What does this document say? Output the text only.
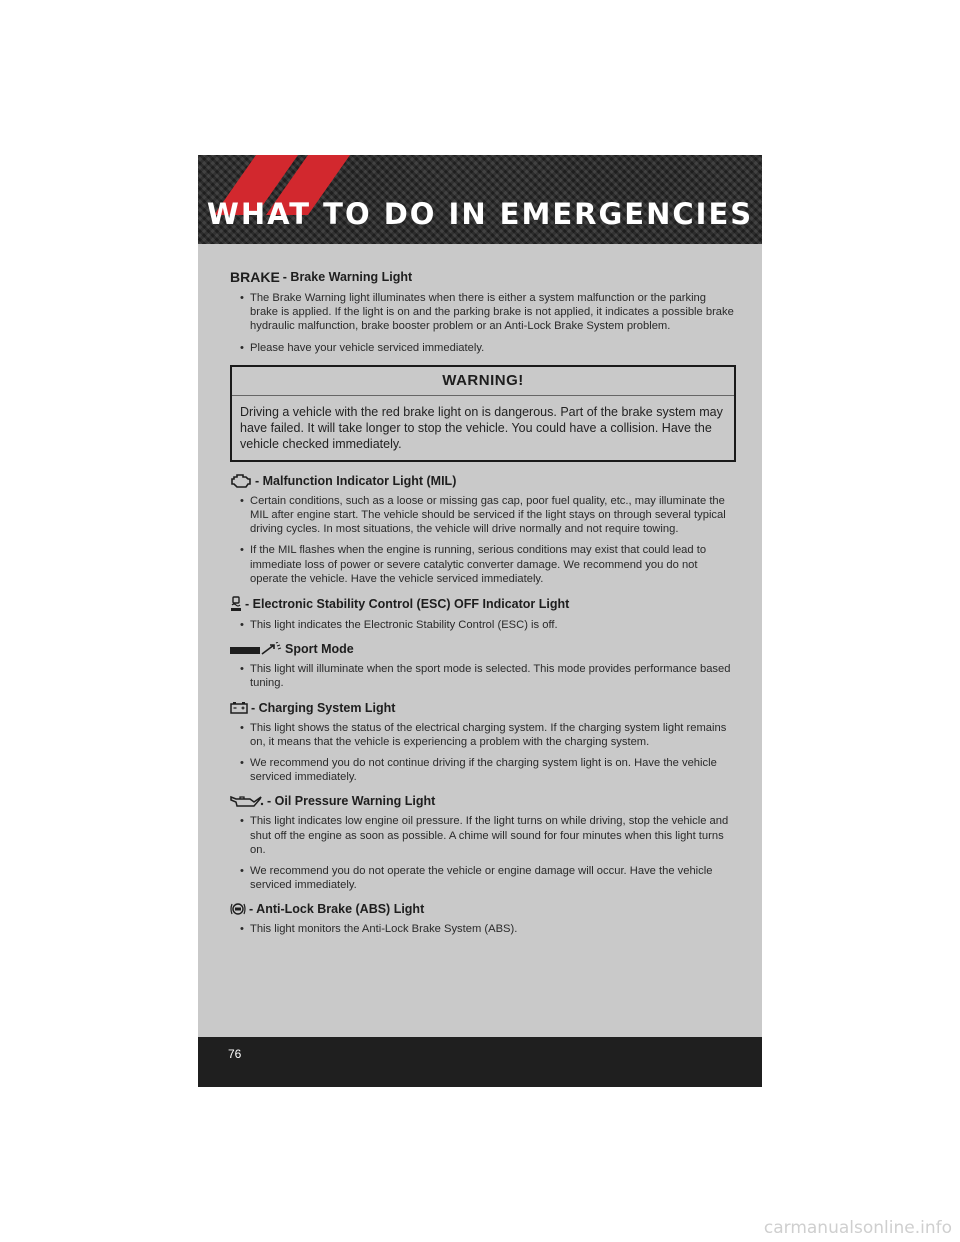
WHAT TO DO IN EMERGENCIES
BRAKE - Brake Warning Light
• The Brake Warning light illuminates when there is either a system malfunction or the parking brake is applied. If the light is on and the parking brake is not applied, it indicates a possible brake hydraulic malfunction, brake booster problem or an Anti-Lock Brake System problem.
• Please have your vehicle serviced immediately.
WARNING!
Driving a vehicle with the red brake light on is dangerous. Part of the brake system may have failed. It will take longer to stop the vehicle. You could have a collision. Have the vehicle checked immediately.
- Malfunction Indicator Light (MIL)
• Certain conditions, such as a loose or missing gas cap, poor fuel quality, etc., may illuminate the MIL after engine start. The vehicle should be serviced if the light stays on through several typical driving cycles. In most situations, the vehicle will drive normally and not require towing.
• If the MIL flashes when the engine is running, serious conditions may exist that could lead to immediate loss of power or severe catalytic converter damage. We recommend you do not operate the vehicle. Have the vehicle serviced immediately.
- Electronic Stability Control (ESC) OFF Indicator Light
• This light indicates the Electronic Stability Control (ESC) is off.
Sport Mode
• This light will illuminate when the sport mode is selected. This mode provides performance based tuning.
- Charging System Light
• This light shows the status of the electrical charging system. If the charging system light remains on, it means that the vehicle is experiencing a problem with the charging system.
• We recommend you do not continue driving if the charging system light is on. Have the vehicle serviced immediately.
- Oil Pressure Warning Light
• This light indicates low engine oil pressure. If the light turns on while driving, stop the vehicle and shut off the engine as soon as possible. A chime will sound for four minutes when this light turns on.
• We recommend you do not operate the vehicle or engine damage will occur. Have the vehicle serviced immediately.
- Anti-Lock Brake (ABS) Light
• This light monitors the Anti-Lock Brake System (ABS).
76
carmanualsonline.info
